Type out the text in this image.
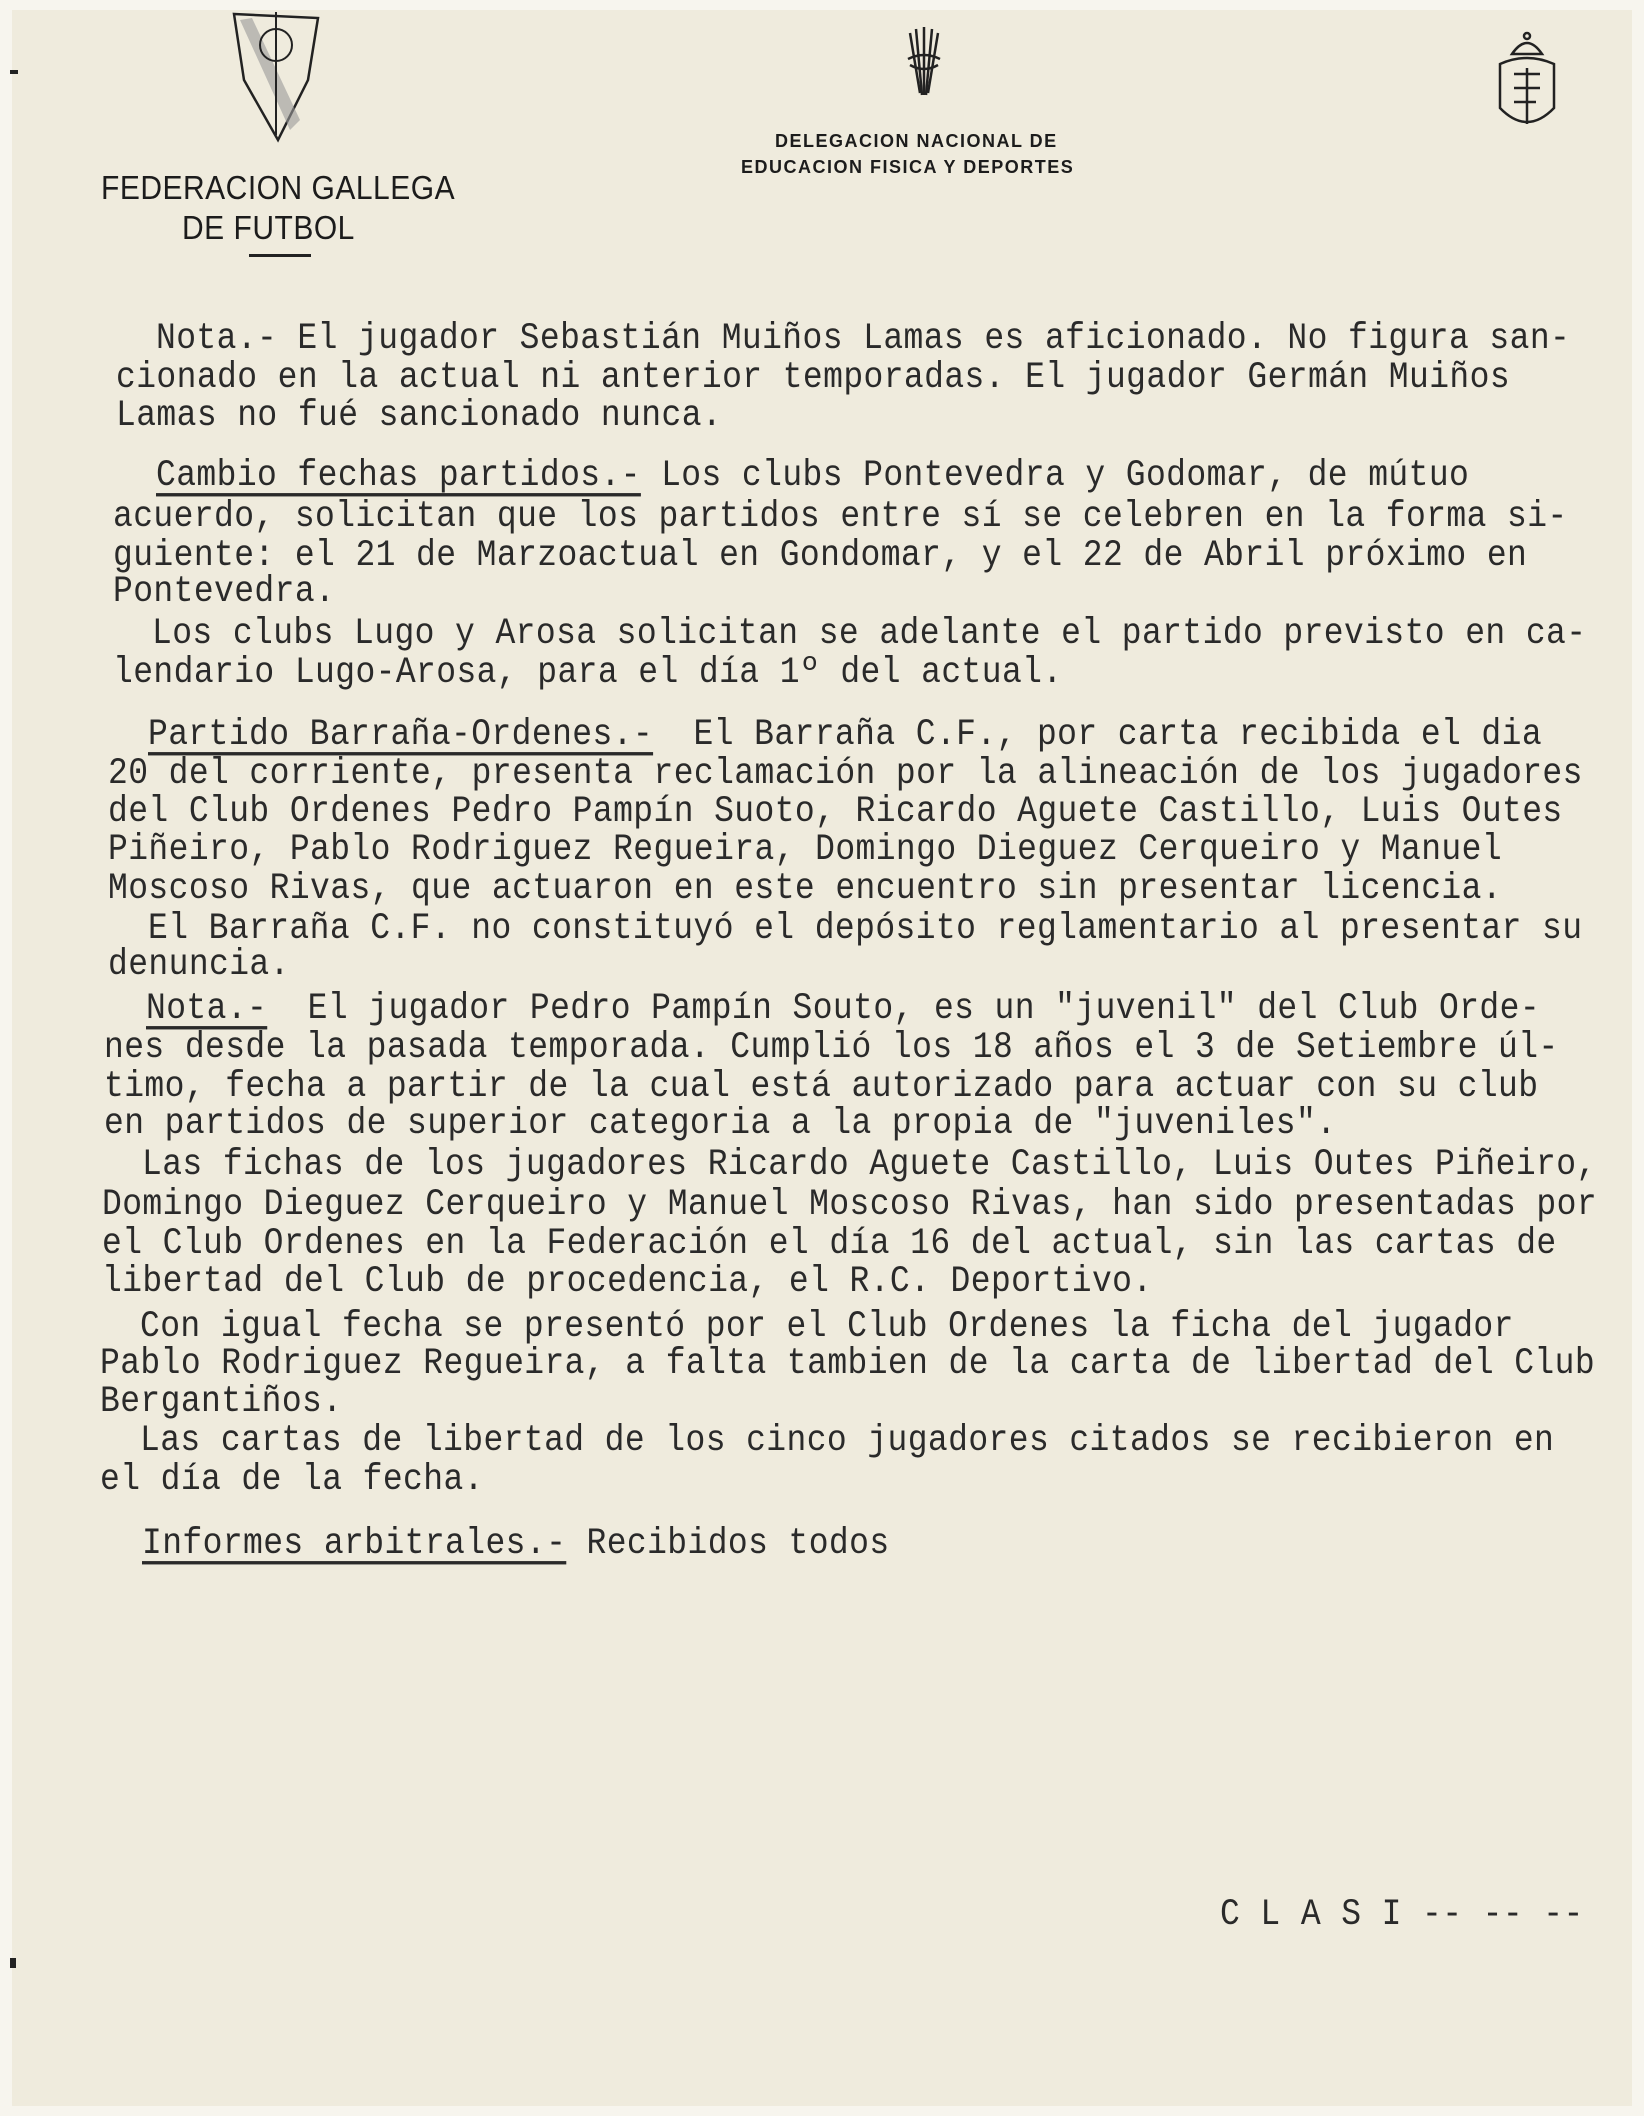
FEDERACION GALLEGA
DE FUTBOL
DELEGACION NACIONAL DE
EDUCACION FISICA Y DEPORTES
Nota.- El jugador Sebastián Muiños Lamas es aficionado. No figura san-
cionado en la actual ni anterior temporadas. El jugador Germán Muiños
Lamas no fué sancionado nunca.
Cambio fechas partidos.- Los clubs Pontevedra y Godomar, de mútuo
acuerdo, solicitan que los partidos entre sí se celebren en la forma si-
guiente: el 21 de Marzoactual en Gondomar, y el 22 de Abril próximo en
Pontevedra.
Los clubs Lugo y Arosa solicitan se adelante el partido previsto en ca-
lendario Lugo-Arosa, para el día 1º del actual.
Partido Barraña-Ordenes.-  El Barraña C.F., por carta recibida el dia
20 del corriente, presenta reclamación por la alineación de los jugadores
del Club Ordenes Pedro Pampín Suoto, Ricardo Aguete Castillo, Luis Outes
Piñeiro, Pablo Rodriguez Regueira, Domingo Dieguez Cerqueiro y Manuel
Moscoso Rivas, que actuaron en este encuentro sin presentar licencia.
El Barraña C.F. no constituyó el depósito reglamentario al presentar su
denuncia.
Nota.-  El jugador Pedro Pampín Souto, es un "juvenil" del Club Orde-
nes desde la pasada temporada. Cumplió los 18 años el 3 de Setiembre úl-
timo, fecha a partir de la cual está autorizado para actuar con su club
en partidos de superior categoria a la propia de "juveniles".
Las fichas de los jugadores Ricardo Aguete Castillo, Luis Outes Piñeiro,
Domingo Dieguez Cerqueiro y Manuel Moscoso Rivas, han sido presentadas por
el Club Ordenes en la Federación el día 16 del actual, sin las cartas de
libertad del Club de procedencia, el R.C. Deportivo.
Con igual fecha se presentó por el Club Ordenes la ficha del jugador
Pablo Rodriguez Regueira, a falta tambien de la carta de libertad del Club
Bergantiños.
Las cartas de libertad de los cinco jugadores citados se recibieron en
el día de la fecha.
Informes arbitrales.- Recibidos todos
C L A S I -- -- --
